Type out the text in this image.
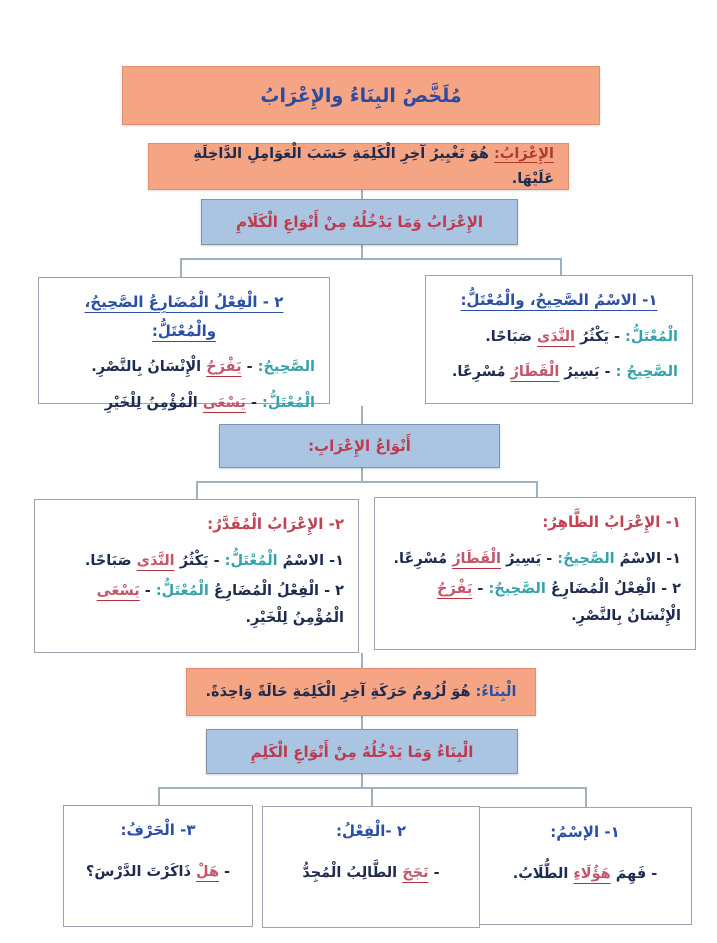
مُلَخَّصُ البِنَاءُ والإِعْرَابُ
الإِعْرَابُ: هُوَ تَغْيِيرُ آخِرِ الْكَلِمَةِ حَسَبَ الْعَوَامِلِ الدَّاخِلَةِ عَلَيْهَا.
الإِعْرَابُ وَمَا يَدْخُلُهُ مِنْ أَنْوَاعِ الْكَلَامِ
١- الاسْمُ الصَّحِيحُ، والْمُعْتَلُّ:
الْمُعْتَلُّ: - يَكْثُرُ النَّدَى صَبَاحًا.
الصَّحِيحُ : - يَسِيرُ الْقَطَارُ مُسْرِعًا.
٢ - الْفِعْلُ الْمُضَارِعُ الصَّحِيحُ، والْمُعْتَلُّ:
الصَّحِيحُ: - يَفْرَحُ الْإِنْسَانُ بِالنَّصْرِ.
الْمُعْتَلُّ: - يَسْعَى الْمُؤْمِنُ لِلْخَيْرِ
أَنْوَاعُ الإِعْرَابِ:
١- الإِعْرَابُ الظَّاهِرُ:
١- الاسْمُ الصَّحِيحُ: - يَسِيرُ الْقَطَارُ مُسْرِعًا.
٢ - الْفِعْلُ الْمُضَارِعُ الصَّحِيحُ: - يَفْرَحُ الْإِنْسَانُ بِالنَّصْرِ.
٢- الإِعْرَابُ الْمُقَدَّرُ:
١- الاسْمُ الْمُعْتَلُّ: - يَكْثُرُ النَّدَى صَبَاحًا.
٢ - الْفِعْلُ الْمُضَارِعُ الْمُعْتَلُّ: - يَسْعَى الْمُؤْمِنُ لِلْخَيْرِ.
الْبِنَاءُ: هُوَ لُزُومُ حَرَكَةِ آخِرِ الْكَلِمَةِ حَالَةً وَاحِدَةً.
الْبِنَاءُ وَمَا يَدْخُلُهُ مِنْ أَنْوَاعِ الْكَلِمِ
١- الإسْمُ:
- فَهِمَ هَؤُلَاءِ الطُّلَابُ.
٢ -الْفِعْلُ:
- نَجَحَ الطَّالِبُ الْمُجِدُّ
٣- الْحَرْفُ:
- هَلْ ذَاكَرْتَ الدَّرْسَ؟
